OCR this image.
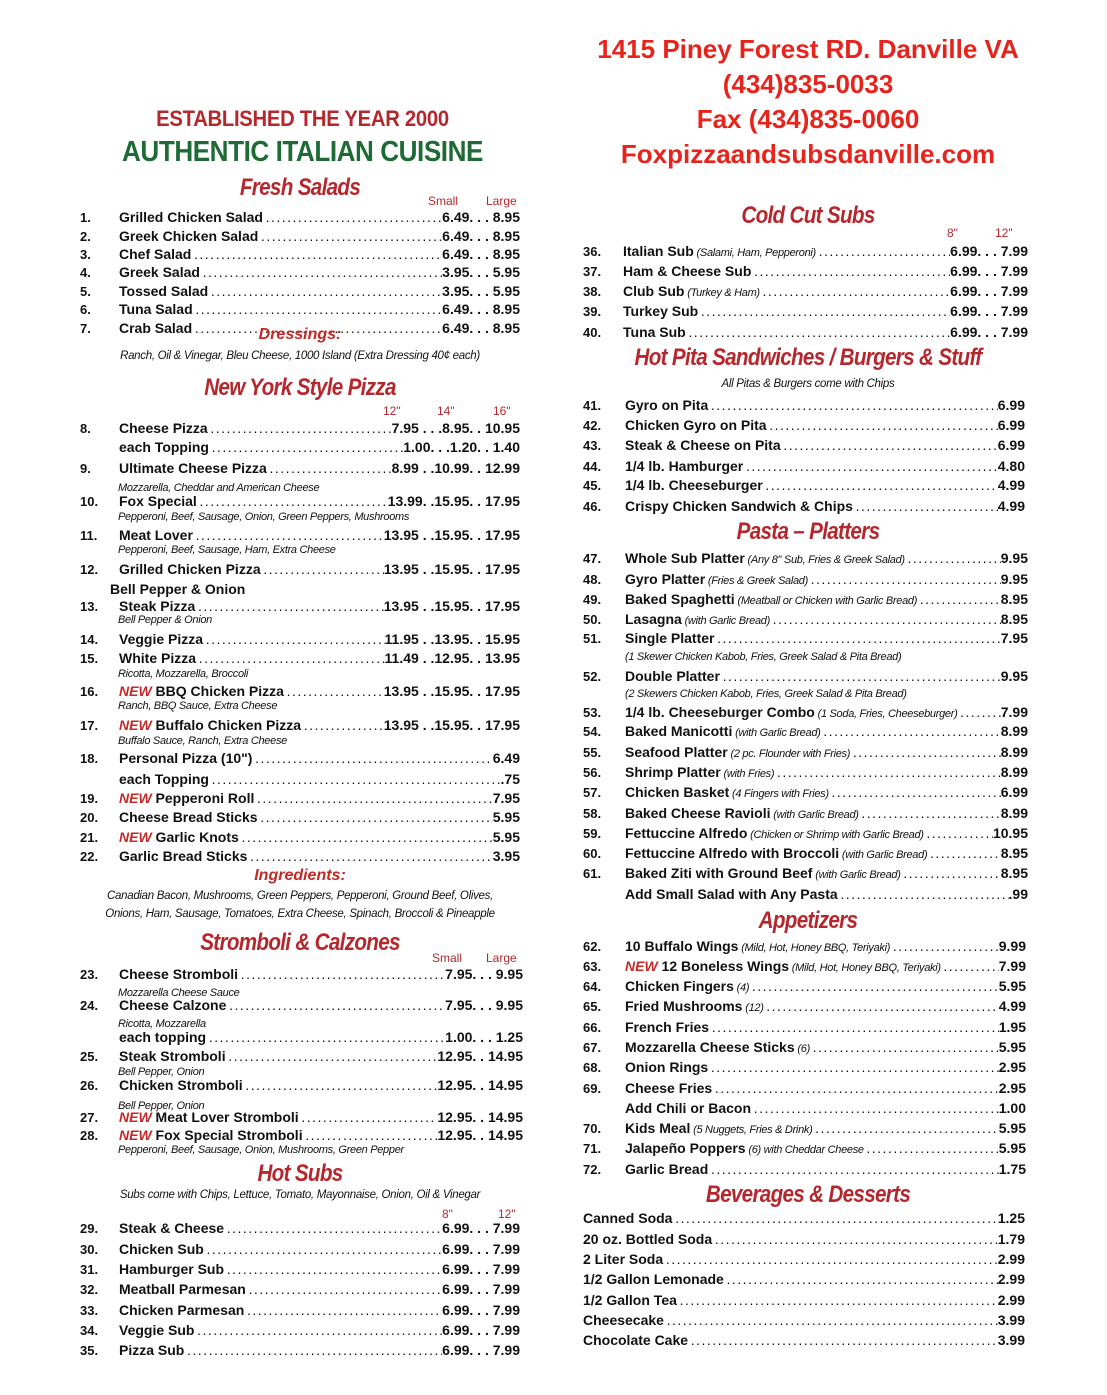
ESTABLISHED THE YEAR 2000
AUTHENTIC ITALIAN CUISINE
Fresh Salads	Small Large
1.	Grilled Chicken Salad . . .	6.49. . . 8.95
2.	Greek Chicken Salad . . .	6.49. . . 8.95
3.	Chef Salad . . .	6.49. . . 8.95
4.	Greek Salad . . .	3.95. . . 5.95
5.	Tossed Salad . . .	3.95. . . 5.95
6.	Tuna Salad . . .	6.49. . . 8.95
7.	Crab Salad . . .	6.49. . . 8.95
Dressings:
Ranch, Oil & Vinegar, Bleu Cheese, 1000 Island (Extra Dressing 40¢ each)
New York Style Pizza
12"	14"	16"
8.	Cheese Pizza . . .	7.95 . . .8.95. . 10.95
each Topping . . .	1.00. . .1.20. . 1.40
9.	Ultimate Cheese Pizza . . .	8.99 . .10.99. . 12.99
10.	Fox Special . . .	13.99. .15.95. . 17.95
11.	Meat Lover . . .	13.95 . .15.95. . 17.95
12.	Grilled Chicken Pizza . . .	13.95 . .15.95. . 17.95
13.	Steak Pizza . . .	13.95 . .15.95. . 17.95
14.	Veggie Pizza . . .	11.95 . .13.95. . 15.95
15.	White Pizza . . .	11.49 . .12.95. . 13.95
16.	NEW BBQ Chicken Pizza . . .	13.95 . .15.95. . 17.95
17.	NEW Buffalo Chicken Pizza . . .	13.95 . .15.95. . 17.95
18.	Personal Pizza (10") . . .	6.49
each Topping . . .	.75
19.	NEW Pepperoni Roll . . .	7.95
20.	Cheese Bread Sticks . . .	5.95
21.	NEW Garlic Knots . . .	5.95
22.	Garlic Bread Sticks . . .	3.95
Mozzarella, Cheddar and American Cheese
Pepperoni, Beef, Sausage, Onion, Green Peppers, Mushrooms
Pepperoni, Beef, Sausage, Ham, Extra Cheese
Bell Pepper & Onion
Bell Pepper & Onion
Ricotta, Mozzarella, Broccoli
Ranch, BBQ Sauce, Extra Cheese
Buffalo Sauce, Ranch, Extra Cheese
Ingredients:
Canadian Bacon, Mushrooms, Green Peppers, Pepperoni, Ground Beef, Olives,
Onions, Ham, Sausage, Tomatoes, Extra Cheese, Spinach, Broccoli & Pineapple
Stromboli & Calzones
Small Large
23.	Cheese Stromboli . . .	7.95. . . 9.95
24.	Cheese Calzone . . .	7.95. . . 9.95
each topping . . .	1.00. . . 1.25
25.	Steak Stromboli . . .	12.95. . 14.95
26.	Chicken Stromboli . . .	12.95. . 14.95
27.	NEW Meat Lover Stromboli . . .	12.95. . 14.95
28.	NEW Fox Special Stromboli . . .	12.95. . 14.95
Mozzarella Cheese Sauce
Ricotta, Mozzarella
Bell Pepper, Onion
Bell Pepper, Onion
Pepperoni, Beef, Sausage, Onion, Mushrooms, Green Pepper
Hot Subs
Subs come with Chips, Lettuce, Tomato, Mayonnaise, Onion, Oil & Vinegar
8"	12"
29.	Steak & Cheese . . .	6.99. . . 7.99
30.	Chicken Sub . . .	6.99. . . 7.99
31.	Hamburger Sub . . .	6.99. . . 7.99
32.	Meatball Parmesan . . .	6.99. . . 7.99
33.	Chicken Parmesan . . .	6.99. . . 7.99
34.	Veggie Sub . . .	6.99. . . 7.99
35.	Pizza Sub . . .	6.99. . . 7.99
1415 Piney Forest RD. Danville VA
(434)835-0033
Fax (434)835-0060
Foxpizzaandsubsdanville.com
Cold Cut Subs
8"	12"
36.	Italian Sub (Salami, Ham, Pepperoni) . . .	6.99. . . 7.99
37.	Ham & Cheese Sub . . .	6.99. . . 7.99
38.	Club Sub (Turkey & Ham) . . .	6.99. . . 7.99
39.	Turkey Sub . . .	6.99. . . 7.99
40.	Tuna Sub . . .	6.99. . . 7.99
Hot Pita Sandwiches / Burgers & Stuff
All Pitas & Burgers come with Chips
41.	Gyro on Pita . . .	6.99
42.	Chicken Gyro on Pita . . .	6.99
43.	Steak & Cheese on Pita . . .	6.99
44.	1/4 lb. Hamburger . . .	4.80
45.	1/4 lb. Cheeseburger . . .	4.99
46.	Crispy Chicken Sandwich & Chips . . .	4.99
Pasta – Platters
47.	Whole Sub Platter (Any 8" Sub, Fries & Greek Salad) . . .	9.95
48.	Gyro Platter (Fries & Greek Salad) . . .	9.95
49.	Baked Spaghetti (Meatball or Chicken with Garlic Bread) . . .	8.95
50.	Lasagna (with Garlic Bread) . . .	8.95
51.	Single Platter . . .	7.95
52.	Double Platter . . .	9.95
53.	1/4 lb. Cheeseburger Combo (1 Soda, Fries, Cheeseburger) . . .	7.99
54.	Baked Manicotti (with Garlic Bread) . . .	8.99
55.	Seafood Platter (2 pc. Flounder with Fries) . . .	8.99
56.	Shrimp Platter (with Fries) . . .	8.99
57.	Chicken Basket (4 Fingers with Fries) . . .	6.99
58.	Baked Cheese Ravioli (with Garlic Bread) . . .	8.99
59.	Fettuccine Alfredo (Chicken or Shrimp with Garlic Bread) . . .	10.95
60.	Fettuccine Alfredo with Broccoli (with Garlic Bread) . . .	8.95
61.	Baked Ziti with Ground Beef (with Garlic Bread) . . .	8.95
Add Small Salad with Any Pasta . . .	.99
(1 Skewer Chicken Kabob, Fries, Greek Salad & Pita Bread)
(2 Skewers Chicken Kabob, Fries, Greek Salad & Pita Bread)
Appetizers
62.	10 Buffalo Wings (Mild, Hot, Honey BBQ, Teriyaki) . . .	9.99
63.	NEW 12 Boneless Wings (Mild, Hot, Honey BBQ, Teriyaki) . . .	7.99
64.	Chicken Fingers (4) . . .	5.95
65.	Fried Mushrooms (12) . . .	4.99
66.	French Fries . . .	1.95
67.	Mozzarella Cheese Sticks (6) . . .	5.95
68.	Onion Rings . . .	2.95
69.	Cheese Fries . . .	2.95
Add Chili or Bacon . . .	1.00
70.	Kids Meal (5 Nuggets, Fries & Drink) . . .	5.95
71.	Jalapeño Poppers (6) with Cheddar Cheese . . .	5.95
72.	Garlic Bread . . .	1.75
Beverages & Desserts
Canned Soda . . .	1.25
20 oz. Bottled Soda . . .	1.79
2 Liter Soda . . .	2.99
1/2 Gallon Lemonade . . .	2.99
1/2 Gallon Tea . . .	2.99
Cheesecake . . .	3.99
Chocolate Cake . . .	3.99
